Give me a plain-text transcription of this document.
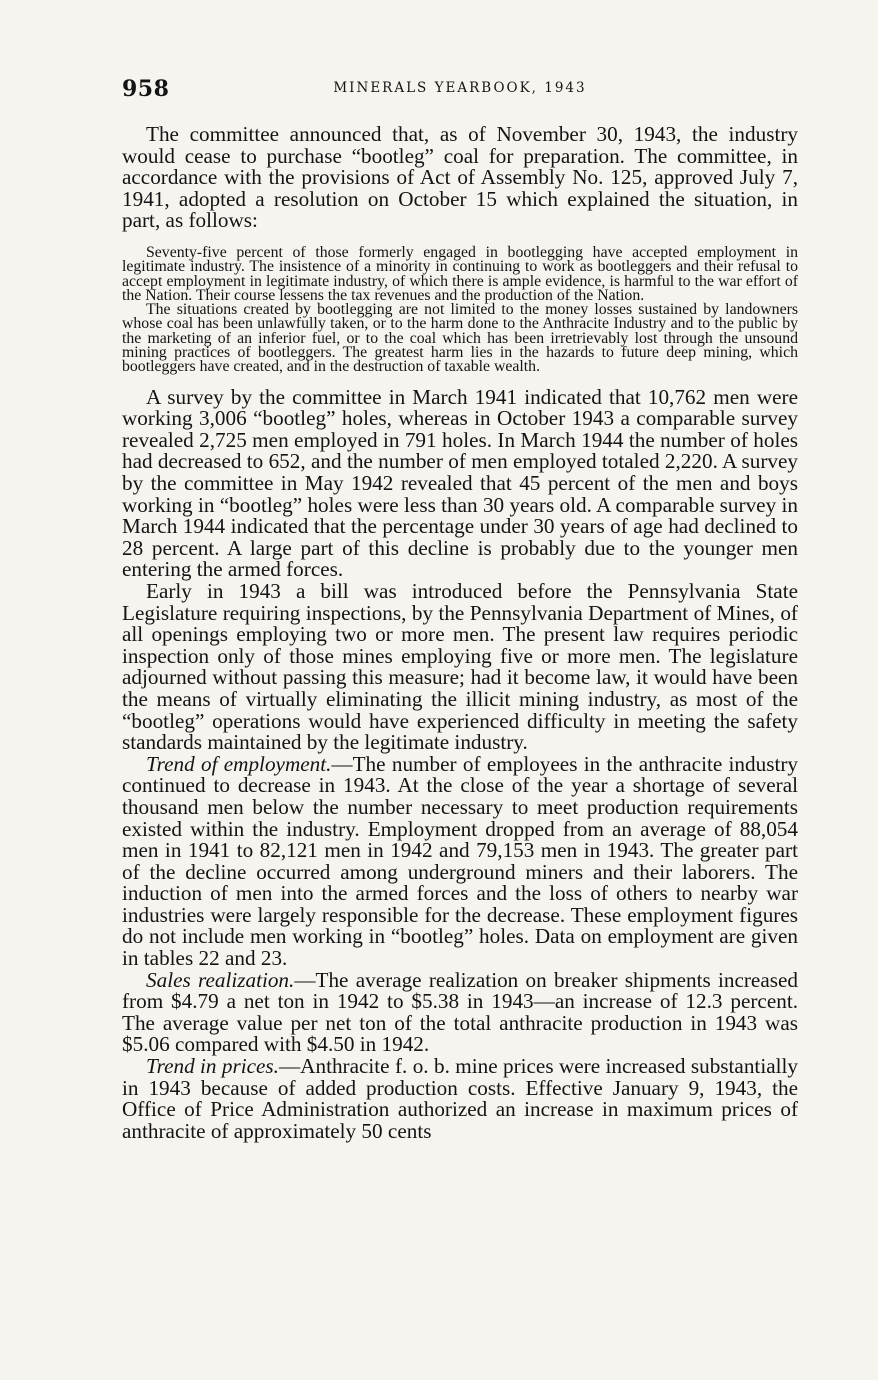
958	MINERALS YEARBOOK, 1943

The committee announced that, as of November 30, 1943, the industry would cease to purchase “bootleg” coal for preparation. The committee, in accordance with the provisions of Act of Assembly No. 125, approved July 7, 1941, adopted a resolution on October 15 which explained the situation, in part, as follows:

Seventy-five percent of those formerly engaged in bootlegging have accepted employment in legitimate industry. The insistence of a minority in continuing to work as bootleggers and their refusal to accept employment in legitimate industry, of which there is ample evidence, is harmful to the war effort of the Nation. Their course lessens the tax revenues and the production of the Nation.

The situations created by bootlegging are not limited to the money losses sustained by landowners whose coal has been unlawfully taken, or to the harm done to the Anthracite Industry and to the public by the marketing of an inferior fuel, or to the coal which has been irretrievably lost through the unsound mining practices of bootleggers. The greatest harm lies in the hazards to future deep mining, which bootleggers have created, and in the destruction of taxable wealth.

A survey by the committee in March 1941 indicated that 10,762 men were working 3,006 “bootleg” holes, whereas in October 1943 a comparable survey revealed 2,725 men employed in 791 holes. In March 1944 the number of holes had decreased to 652, and the number of men employed totaled 2,220. A survey by the committee in May 1942 revealed that 45 percent of the men and boys working in “bootleg” holes were less than 30 years old. A comparable survey in March 1944 indicated that the percentage under 30 years of age had declined to 28 percent. A large part of this decline is probably due to the younger men entering the armed forces.

Early in 1943 a bill was introduced before the Pennsylvania State Legislature requiring inspections, by the Pennsylvania Department of Mines, of all openings employing two or more men. The present law requires periodic inspection only of those mines employing five or more men. The legislature adjourned without passing this measure; had it become law, it would have been the means of virtually eliminating the illicit mining industry, as most of the “bootleg” operations would have experienced difficulty in meeting the safety standards maintained by the legitimate industry.

Trend of employment.—The number of employees in the anthracite industry continued to decrease in 1943. At the close of the year a shortage of several thousand men below the number necessary to meet production requirements existed within the industry. Employment dropped from an average of 88,054 men in 1941 to 82,121 men in 1942 and 79,153 men in 1943. The greater part of the decline occurred among underground miners and their laborers. The induction of men into the armed forces and the loss of others to nearby war industries were largely responsible for the decrease. These employment figures do not include men working in “bootleg” holes. Data on employment are given in tables 22 and 23.

Sales realization.—The average realization on breaker shipments increased from $4.79 a net ton in 1942 to $5.38 in 1943—an increase of 12.3 percent. The average value per net ton of the total anthracite production in 1943 was $5.06 compared with $4.50 in 1942.

Trend in prices.—Anthracite f. o. b. mine prices were increased substantially in 1943 because of added production costs. Effective January 9, 1943, the Office of Price Administration authorized an increase in maximum prices of anthracite of approximately 50 cents
